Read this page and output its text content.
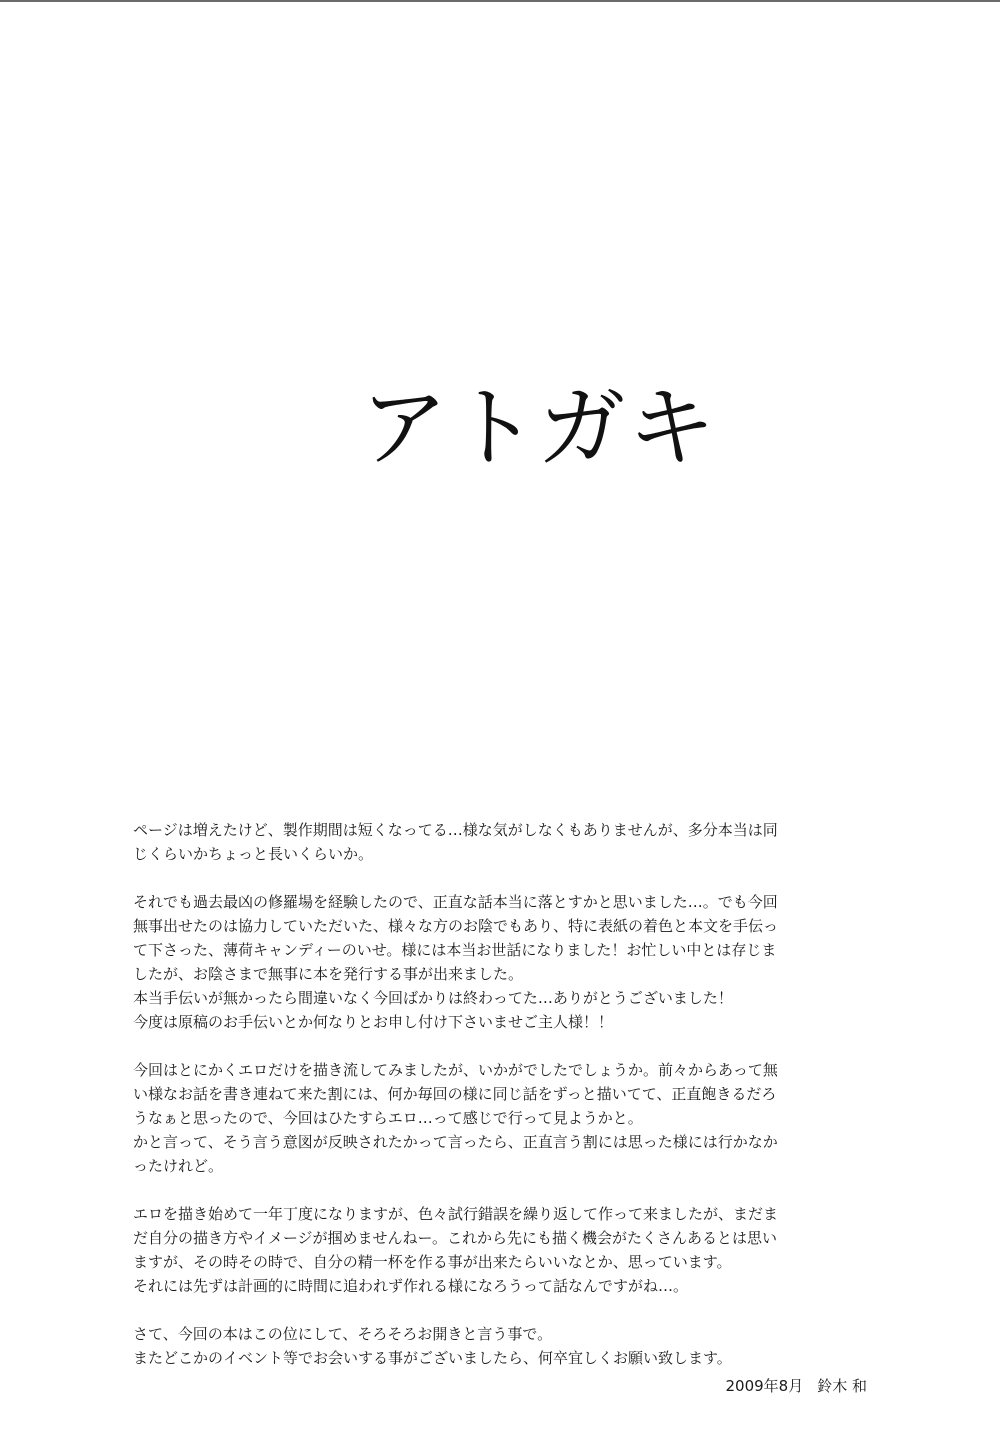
アトガキ

ページは増えたけど、製作期間は短くなってる…様な気がしなくもありませんが、多分本当は同
じくらいかちょっと長いくらいか。

それでも過去最凶の修羅場を経験したので、正直な話本当に落とすかと思いました…。でも今回
無事出せたのは協力していただいた、様々な方のお陰でもあり、特に表紙の着色と本文を手伝っ
て下さった、薄荷キャンディーのいせ。様には本当お世話になりました！お忙しい中とは存じま
したが、お陰さまで無事に本を発行する事が出来ました。
本当手伝いが無かったら間違いなく今回ばかりは終わってた…ありがとうございました！
今度は原稿のお手伝いとか何なりとお申し付け下さいませご主人様！！

今回はとにかくエロだけを描き流してみましたが、いかがでしたでしょうか。前々からあって無
い様なお話を書き連ねて来た割には、何か毎回の様に同じ話をずっと描いてて、正直飽きるだろ
うなぁと思ったので、今回はひたすらエロ…って感じで行って見ようかと。
かと言って、そう言う意図が反映されたかって言ったら、正直言う割には思った様には行かなか
ったけれど。

エロを描き始めて一年丁度になりますが、色々試行錯誤を繰り返して作って来ましたが、まだま
だ自分の描き方やイメージが掴めませんねー。これから先にも描く機会がたくさんあるとは思い
ますが、その時その時で、自分の精一杯を作る事が出来たらいいなとか、思っています。
それには先ずは計画的に時間に追われず作れる様になろうって話なんですがね…。

さて、今回の本はこの位にして、そろそろお開きと言う事で。
またどこかのイベント等でお会いする事がございましたら、何卒宜しくお願い致します。

2009年8月 鈴木 和
